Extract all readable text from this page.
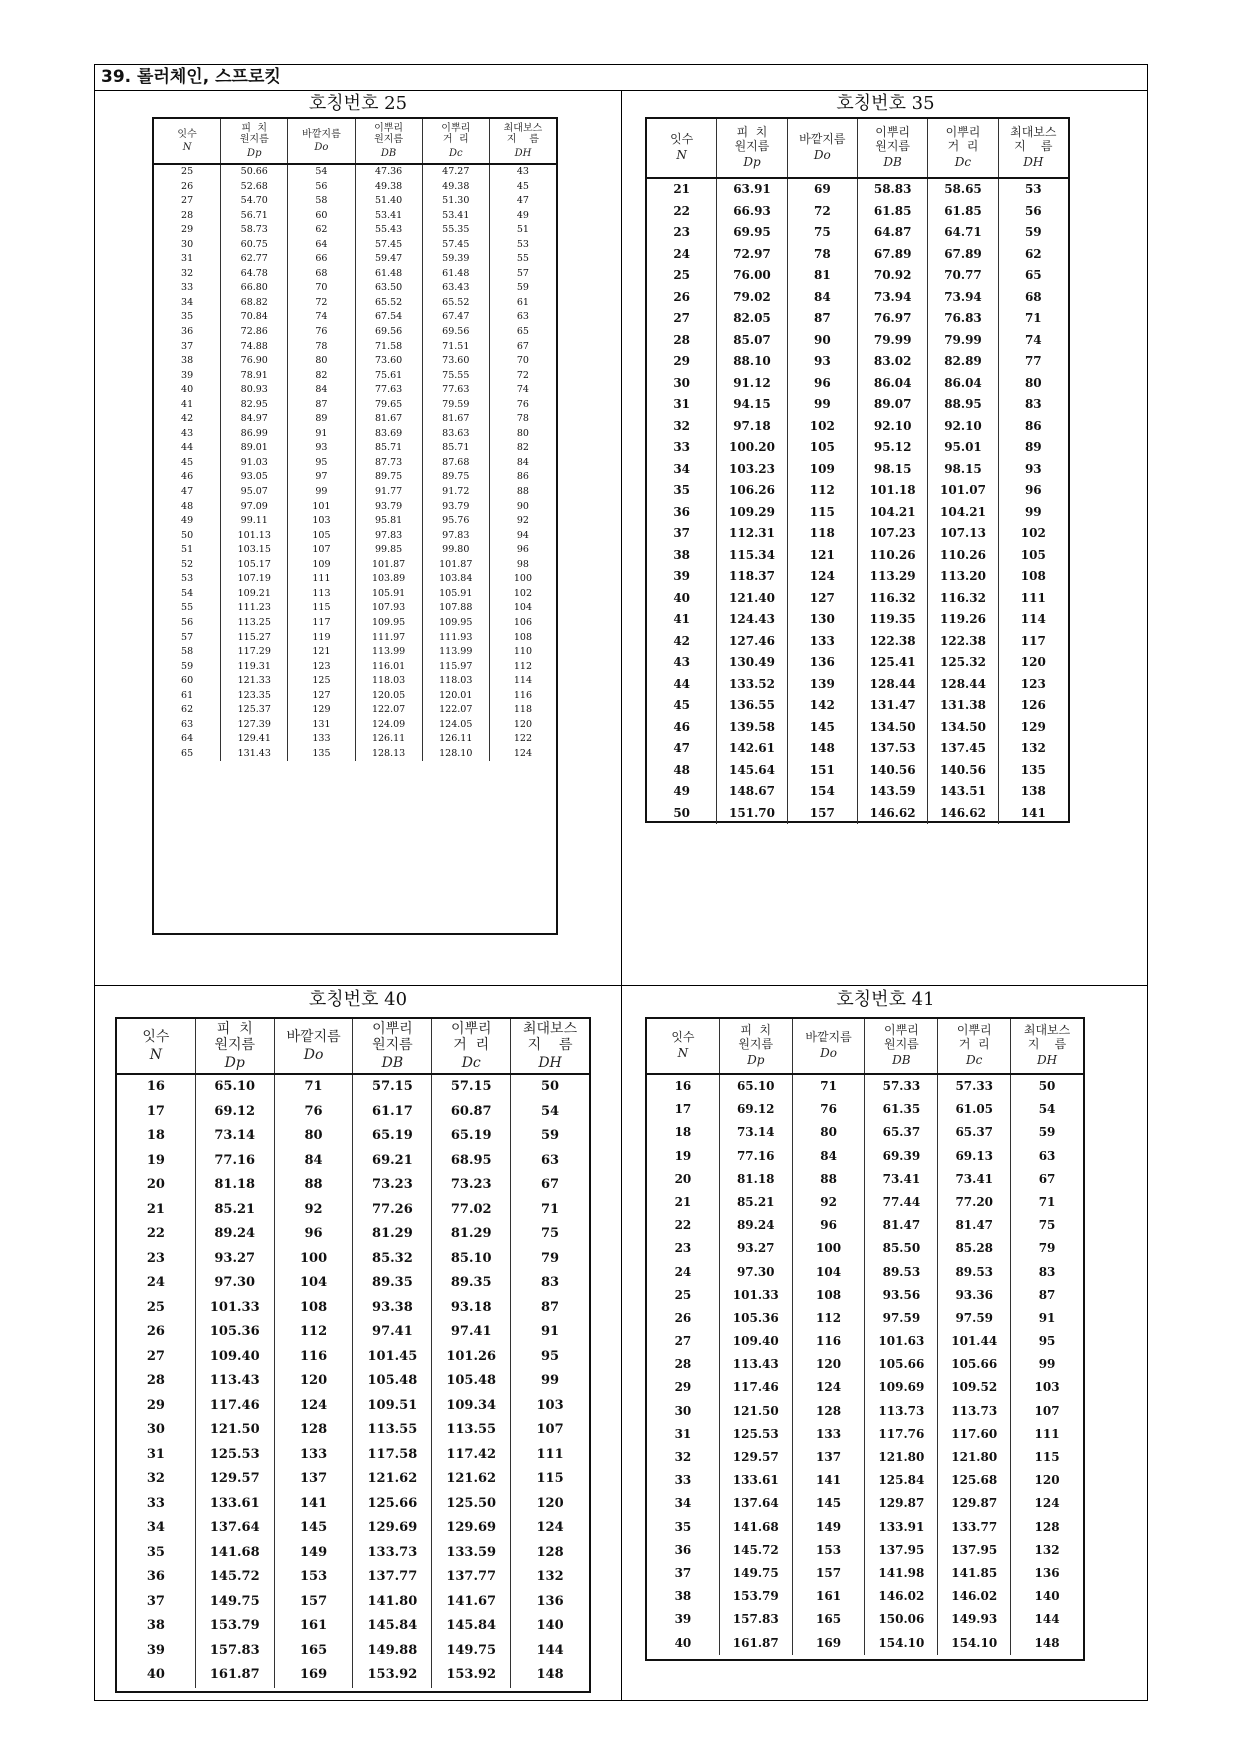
39. 롤러체인, 스프로킷
호칭번호 25
잇수
N
피  치
원지름
Dp
바깥지름
Do
이뿌리
원지름
DB
이뿌리
거  리
Dc
최대보스
지    름
DH
25
26
27
28
29
30
31
32
33
34
35
36
37
38
39
40
41
42
43
44
45
46
47
48
49
50
51
52
53
54
55
56
57
58
59
60
61
62
63
64
65
50.66
52.68
54.70
56.71
58.73
60.75
62.77
64.78
66.80
68.82
70.84
72.86
74.88
76.90
78.91
80.93
82.95
84.97
86.99
89.01
91.03
93.05
95.07
97.09
99.11
101.13
103.15
105.17
107.19
109.21
111.23
113.25
115.27
117.29
119.31
121.33
123.35
125.37
127.39
129.41
131.43
54
56
58
60
62
64
66
68
70
72
74
76
78
80
82
84
87
89
91
93
95
97
99
101
103
105
107
109
111
113
115
117
119
121
123
125
127
129
131
133
135
47.36
49.38
51.40
53.41
55.43
57.45
59.47
61.48
63.50
65.52
67.54
69.56
71.58
73.60
75.61
77.63
79.65
81.67
83.69
85.71
87.73
89.75
91.77
93.79
95.81
97.83
99.85
101.87
103.89
105.91
107.93
109.95
111.97
113.99
116.01
118.03
120.05
122.07
124.09
126.11
128.13
47.27
49.38
51.30
53.41
55.35
57.45
59.39
61.48
63.43
65.52
67.47
69.56
71.51
73.60
75.55
77.63
79.59
81.67
83.63
85.71
87.68
89.75
91.72
93.79
95.76
97.83
99.80
101.87
103.84
105.91
107.88
109.95
111.93
113.99
115.97
118.03
120.01
122.07
124.05
126.11
128.10
43
45
47
49
51
53
55
57
59
61
63
65
67
70
72
74
76
78
80
82
84
86
88
90
92
94
96
98
100
102
104
106
108
110
112
114
116
118
120
122
124
호칭번호 35
잇수
N
피  치
원지름
Dp
바깥지름
Do
이뿌리
원지름
DB
이뿌리
거  리
Dc
최대보스
지    름
DH
21
22
23
24
25
26
27
28
29
30
31
32
33
34
35
36
37
38
39
40
41
42
43
44
45
46
47
48
49
50
63.91
66.93
69.95
72.97
76.00
79.02
82.05
85.07
88.10
91.12
94.15
97.18
100.20
103.23
106.26
109.29
112.31
115.34
118.37
121.40
124.43
127.46
130.49
133.52
136.55
139.58
142.61
145.64
148.67
151.70
69
72
75
78
81
84
87
90
93
96
99
102
105
109
112
115
118
121
124
127
130
133
136
139
142
145
148
151
154
157
58.83
61.85
64.87
67.89
70.92
73.94
76.97
79.99
83.02
86.04
89.07
92.10
95.12
98.15
101.18
104.21
107.23
110.26
113.29
116.32
119.35
122.38
125.41
128.44
131.47
134.50
137.53
140.56
143.59
146.62
58.65
61.85
64.71
67.89
70.77
73.94
76.83
79.99
82.89
86.04
88.95
92.10
95.01
98.15
101.07
104.21
107.13
110.26
113.20
116.32
119.26
122.38
125.32
128.44
131.38
134.50
137.45
140.56
143.51
146.62
53
56
59
62
65
68
71
74
77
80
83
86
89
93
96
99
102
105
108
111
114
117
120
123
126
129
132
135
138
141
호칭번호 40
잇수
N
피  치
원지름
Dp
바깥지름
Do
이뿌리
원지름
DB
이뿌리
거  리
Dc
최대보스
지    름
DH
16
17
18
19
20
21
22
23
24
25
26
27
28
29
30
31
32
33
34
35
36
37
38
39
40
65.10
69.12
73.14
77.16
81.18
85.21
89.24
93.27
97.30
101.33
105.36
109.40
113.43
117.46
121.50
125.53
129.57
133.61
137.64
141.68
145.72
149.75
153.79
157.83
161.87
71
76
80
84
88
92
96
100
104
108
112
116
120
124
128
133
137
141
145
149
153
157
161
165
169
57.15
61.17
65.19
69.21
73.23
77.26
81.29
85.32
89.35
93.38
97.41
101.45
105.48
109.51
113.55
117.58
121.62
125.66
129.69
133.73
137.77
141.80
145.84
149.88
153.92
57.15
60.87
65.19
68.95
73.23
77.02
81.29
85.10
89.35
93.18
97.41
101.26
105.48
109.34
113.55
117.42
121.62
125.50
129.69
133.59
137.77
141.67
145.84
149.75
153.92
50
54
59
63
67
71
75
79
83
87
91
95
99
103
107
111
115
120
124
128
132
136
140
144
148
호칭번호 41
잇수
N
피  치
원지름
Dp
바깥지름
Do
이뿌리
원지름
DB
이뿌리
거  리
Dc
최대보스
지    름
DH
16
17
18
19
20
21
22
23
24
25
26
27
28
29
30
31
32
33
34
35
36
37
38
39
40
65.10
69.12
73.14
77.16
81.18
85.21
89.24
93.27
97.30
101.33
105.36
109.40
113.43
117.46
121.50
125.53
129.57
133.61
137.64
141.68
145.72
149.75
153.79
157.83
161.87
71
76
80
84
88
92
96
100
104
108
112
116
120
124
128
133
137
141
145
149
153
157
161
165
169
57.33
61.35
65.37
69.39
73.41
77.44
81.47
85.50
89.53
93.56
97.59
101.63
105.66
109.69
113.73
117.76
121.80
125.84
129.87
133.91
137.95
141.98
146.02
150.06
154.10
57.33
61.05
65.37
69.13
73.41
77.20
81.47
85.28
89.53
93.36
97.59
101.44
105.66
109.52
113.73
117.60
121.80
125.68
129.87
133.77
137.95
141.85
146.02
149.93
154.10
50
54
59
63
67
71
75
79
83
87
91
95
99
103
107
111
115
120
124
128
132
136
140
144
148
